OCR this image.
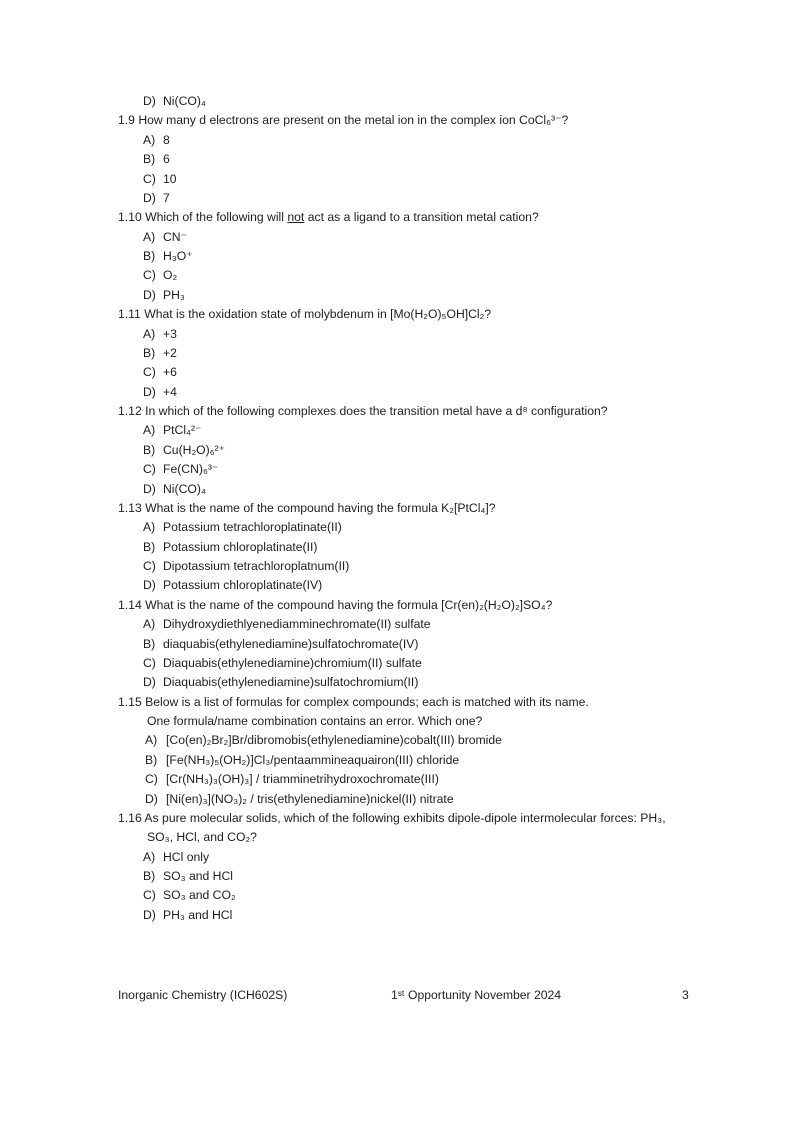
D) Ni(CO)₄
1.9 How many d electrons are present on the metal ion in the complex ion CoCl₆³⁻?
A) 8
B) 6
C) 10
D) 7
1.10 Which of the following will not act as a ligand to a transition metal cation?
A) CN⁻
B) H₃O⁺
C) O₂
D) PH₃
1.11 What is the oxidation state of molybdenum in [Mo(H₂O)₅OH]Cl₂?
A) +3
B) +2
C) +6
D) +4
1.12 In which of the following complexes does the transition metal have a d⁸ configuration?
A) PtCl₄²⁻
B) Cu(H₂O)₆²⁺
C) Fe(CN)₆³⁻
D) Ni(CO)₄
1.13 What is the name of the compound having the formula K₂[PtCl₄]?
A) Potassium tetrachloroplatinate(II)
B) Potassium chloroplatinate(II)
C) Dipotassium tetrachloroplatnum(II)
D) Potassium chloroplatinate(IV)
1.14 What is the name of the compound having the formula [Cr(en)₂(H₂O)₂]SO₄?
A) Dihydroxydiethlyenediamminechromate(II) sulfate
B) diaquabis(ethylenediamine)sulfatochromate(IV)
C) Diaquabis(ethylenediamine)chromium(II) sulfate
D) Diaquabis(ethylenediamine)sulfatochromium(II)
1.15 Below is a list of formulas for complex compounds; each is matched with its name.
One formula/name combination contains an error. Which one?
A) [Co(en)₂Br₂]Br/dibromobis(ethylenediamine)cobalt(III) bromide
B) [Fe(NH₃)₅(OH₂)]Cl₃/pentaammineaquairon(III) chloride
C) [Cr(NH₃)₃(OH)₃] / triamminetrihydroxochromate(III)
D) [Ni(en)₃](NO₃)₂ / tris(ethylenediamine)nickel(II) nitrate
1.16 As pure molecular solids, which of the following exhibits dipole-dipole intermolecular forces: PH₃,
SO₃, HCl, and CO₂?
A) HCl only
B) SO₃ and HCl
C) SO₃ and CO₂
D) PH₃ and HCl
Inorganic Chemistry (ICH602S)	1ˢᵗ Opportunity November 2024	3
